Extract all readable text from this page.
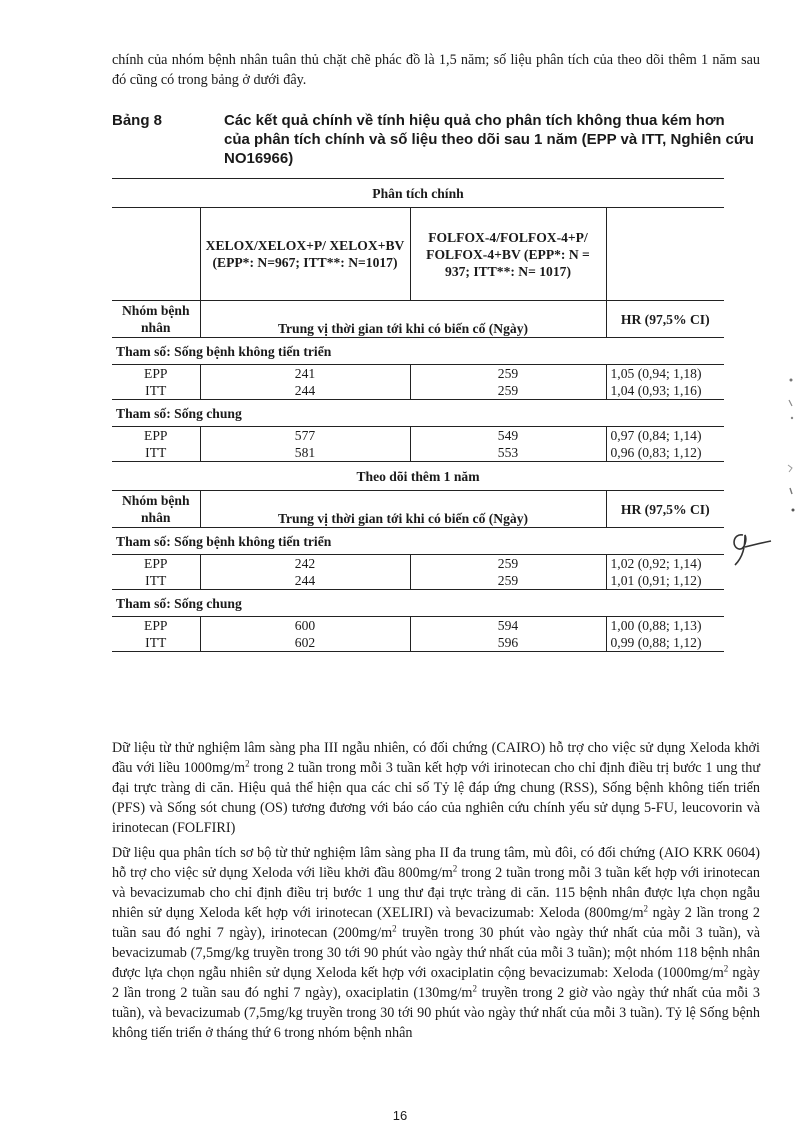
chính của nhóm bệnh nhân tuân thủ chặt chẽ phác đồ là 1,5 năm; số liệu phân tích của theo dõi thêm 1 năm sau đó cũng có trong bảng ở dưới đây.
Bảng 8	Các kết quả chính về tính hiệu quả cho phân tích không thua kém hơn của phân tích chính và số liệu theo dõi sau 1 năm (EPP và ITT, Nghiên cứu NO16966)
Phân tích chính			
	XELOX/XELOX+P/ XELOX+BV (EPP*: N=967; ITT**: N=1017)	FOLFOX-4/FOLFOX-4+P/ FOLFOX-4+BV (EPP*: N = 937; ITT**: N= 1017)	
Nhóm bệnh nhân	Trung vị thời gian tới khi có biến cố (Ngày)		HR (97,5% CI)
Tham số: Sống bệnh không tiến triển			
EPP	241	259	1,05 (0,94; 1,18)
ITT	244	259	1,04 (0,93; 1,16)
Tham số: Sống chung			
EPP	577	549	0,97 (0,84; 1,14)
ITT	581	553	0,96 (0,83; 1,12)
Theo dõi thêm 1 năm			
Nhóm bệnh nhân	Trung vị thời gian tới khi có biến cố (Ngày)		HR (97,5% CI)
Tham số: Sống bệnh không tiến triển			
EPP	242	259	1,02 (0,92; 1,14)
ITT	244	259	1,01 (0,91; 1,12)
Tham số: Sống chung			
EPP	600	594	1,00 (0,88; 1,13)
ITT	602	596	0,99 (0,88; 1,12)
Dữ liệu từ thử nghiệm lâm sàng pha III ngẫu nhiên, có đối chứng (CAIRO) hỗ trợ cho việc sử dụng Xeloda khởi đầu với liều $1000mg/m^2$ trong 2 tuần trong mỗi 3 tuần kết hợp với irinotecan cho chỉ định điều trị bước 1 ung thư đại trực tràng di căn. Hiệu quả thể hiện qua các chỉ số Tỷ lệ đáp ứng chung (RSS), Sống bệnh không tiến triển (PFS) và Sống sót chung (OS) tương đương với báo cáo của nghiên cứu chính yếu sử dụng 5-FU, leucovorin và irinotecan (FOLFIRI)
Dữ liệu qua phân tích sơ bộ từ thử nghiệm lâm sàng pha II đa trung tâm, mù đôi, có đối chứng (AIO KRK 0604) hỗ trợ cho việc sử dụng Xeloda với liều khởi đầu $800mg/m^2$ trong 2 tuần trong mỗi 3 tuần kết hợp với irinotecan và bevacizumab cho chỉ định điều trị bước 1 ung thư đại trực tràng di căn. 115 bệnh nhân được lựa chọn ngẫu nhiên sử dụng Xeloda kết hợp với irinotecan (XELIRI) và bevacizumab: Xeloda ($800mg/m^2$ ngày 2 lần trong 2 tuần sau đó nghỉ 7 ngày), irinotecan ($200mg/m^2$ truyền trong 30 phút vào ngày thứ nhất của mỗi 3 tuần), và bevacizumab (7,5mg/kg truyền trong 30 tới 90 phút vào ngày thứ nhất của mỗi 3 tuần); một nhóm 118 bệnh nhân được lựa chọn ngẫu nhiên sử dụng Xeloda kết hợp với oxaciplatin cộng bevacizumab: Xeloda ($1000mg/m^2$ ngày 2 lần trong 2 tuần sau đó nghỉ 7 ngày), oxaciplatin ($130mg/m^2$ truyền trong 2 giờ vào ngày thứ nhất của mỗi 3 tuần), và bevacizumab (7,5mg/kg truyền trong 30 tới 90 phút vào ngày thứ nhất của mỗi 3 tuần). Tỷ lệ Sống bệnh không tiến triển ở tháng thứ 6 trong nhóm bệnh nhân
16
